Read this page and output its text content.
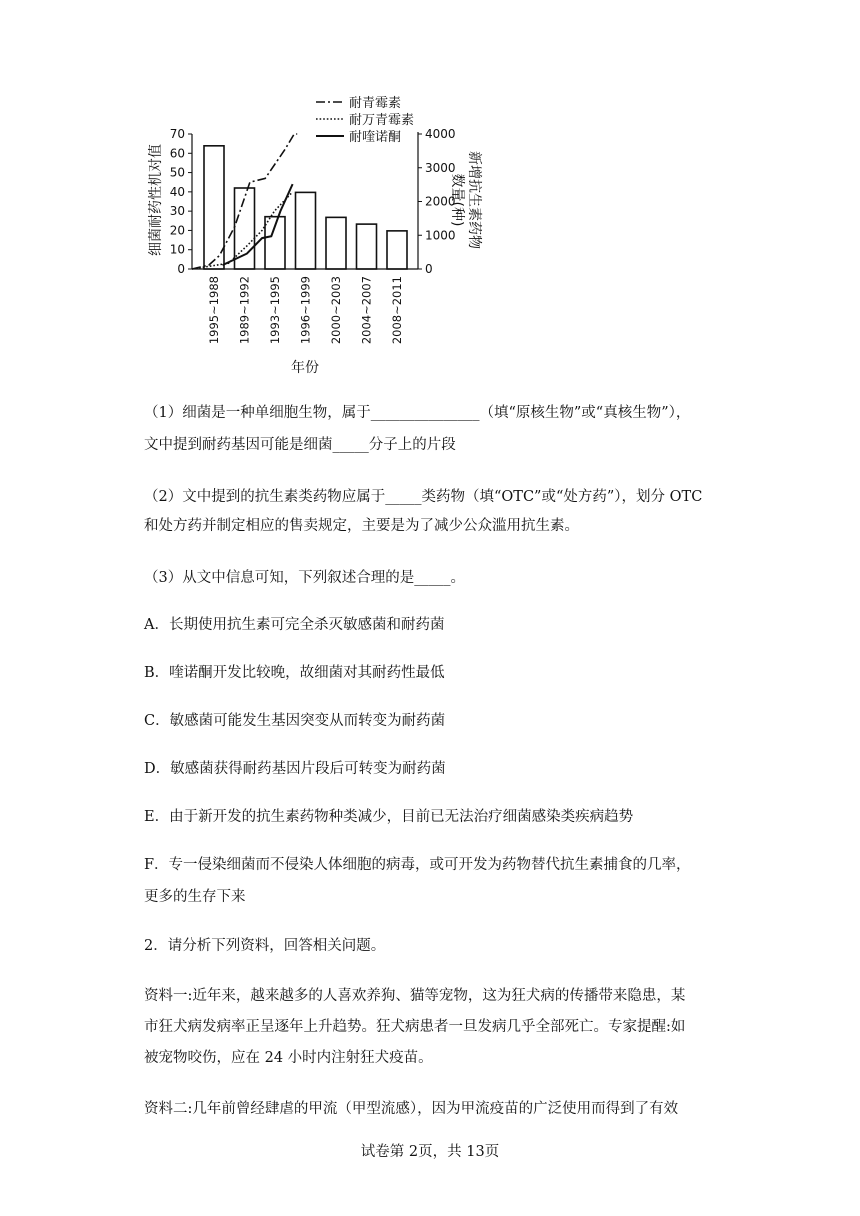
0
10
20
30
40
50
60
70
0
1000
2000
3000
4000
1995~1988 1989~1992 1993~1995 1996~1999 2000~2003 2004~2007 2008~2011
耐青霉素
耐万青霉素
耐喹诺酮
细菌耐药性机对值	新增抗生素药物
数量(种)
年份

（1）细菌是一种单细胞生物，属于_______________（填“原核生物”或“真核生物”），

文中提到耐药基因可能是细菌_____分子上的片段

（2）文中提到的抗生素类药物应属于_____类药物（填“OTC”或“处方药”），划分 OTC

和处方药并制定相应的售卖规定，主要是为了减少公众滥用抗生素。

（3）从文中信息可知，下列叙述合理的是_____。

A．长期使用抗生素可完全杀灭敏感菌和耐药菌

B．喹诺酮开发比较晚，故细菌对其耐药性最低

C．敏感菌可能发生基因突变从而转变为耐药菌

D．敏感菌获得耐药基因片段后可转变为耐药菌

E．由于新开发的抗生素药物种类减少，目前已无法治疗细菌感染类疾病趋势

F．专一侵染细菌而不侵染人体细胞的病毒，或可开发为药物替代抗生素捕食的几率，

更多的生存下来

2．请分析下列资料，回答相关问题。

资料一:近年来，越来越多的人喜欢养狗、猫等宠物，这为狂犬病的传播带来隐患，某

市狂犬病发病率正呈逐年上升趋势。狂犬病患者一旦发病几乎全部死亡。专家提醒:如

被宠物咬伤，应在 24 小时内注射狂犬疫苗。

资料二:几年前曾经肆虐的甲流（甲型流感），因为甲流疫苗的广泛使用而得到了有效

试卷第 2页，共 13页
